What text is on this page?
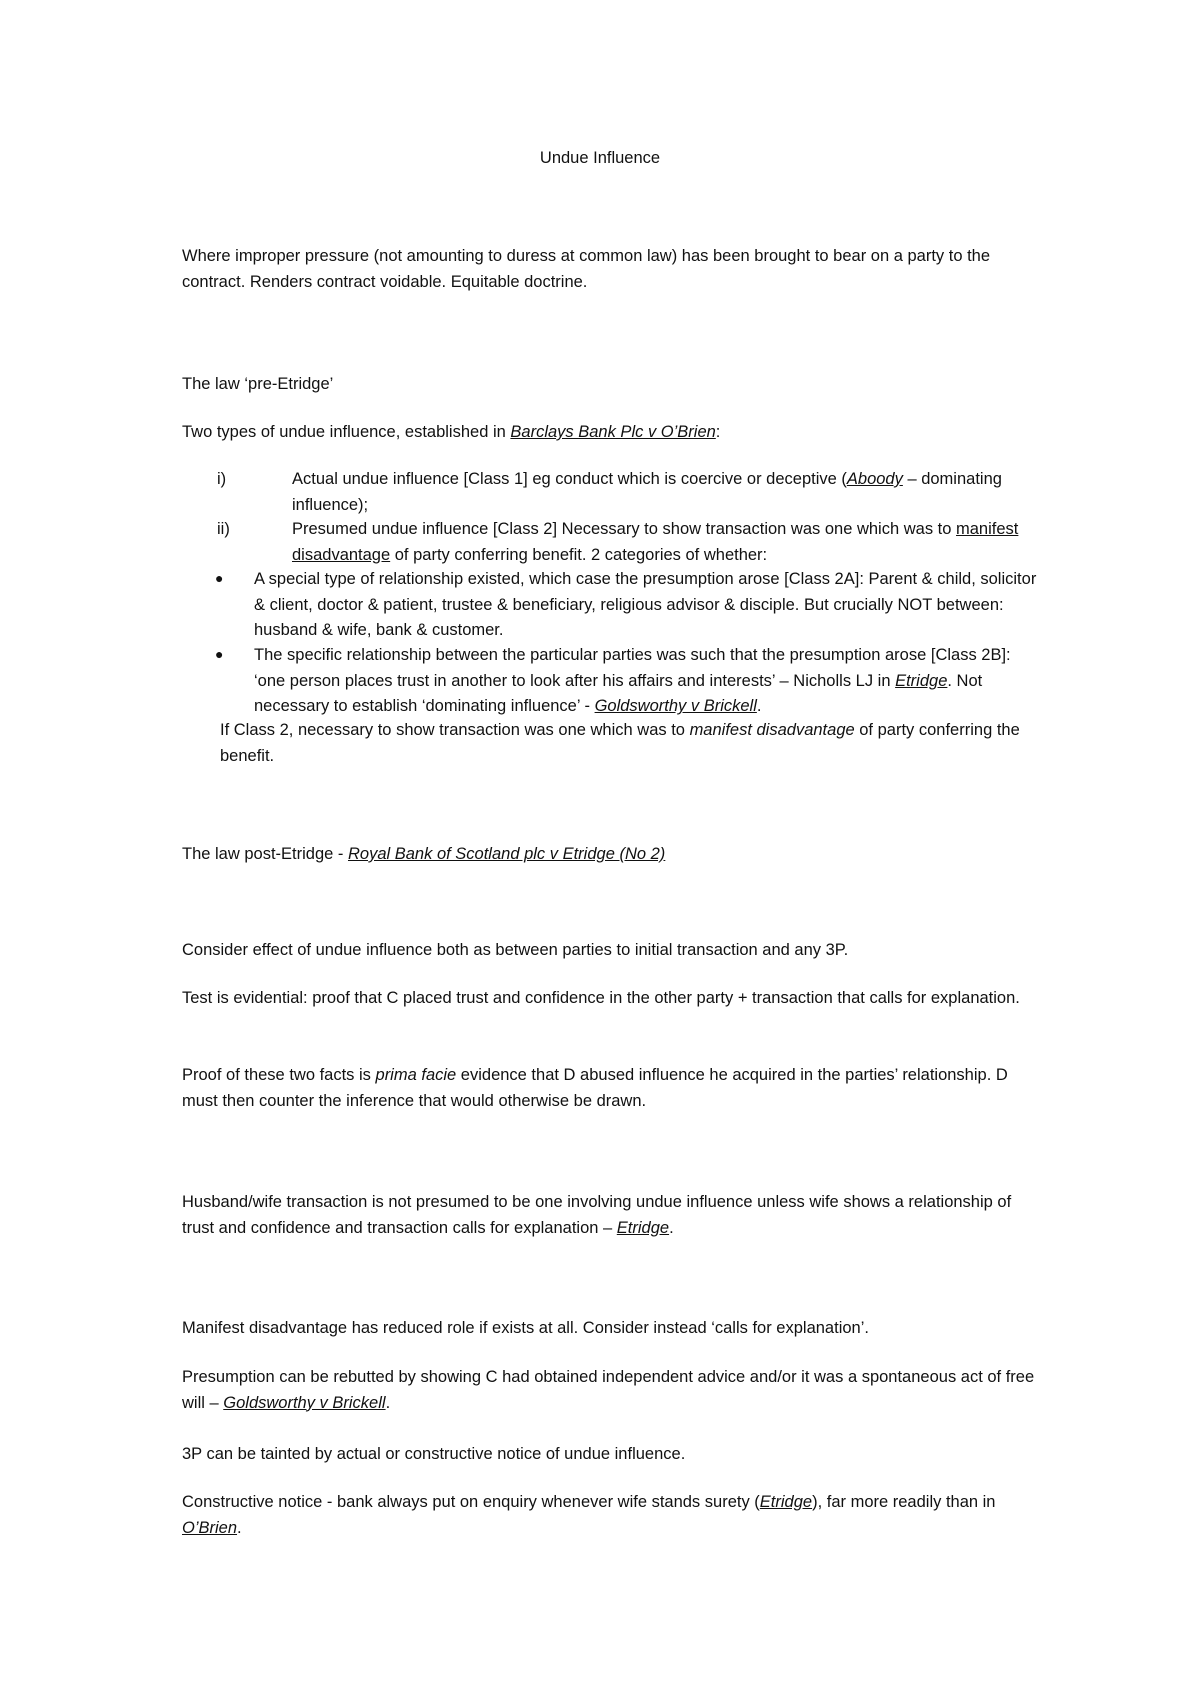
Undue Influence

Where improper pressure (not amounting to duress at common law) has been brought to bear on a party to the contract. Renders contract voidable. Equitable doctrine.

The law ‘pre-Etridge’

Two types of undue influence, established in Barclays Bank Plc v O’Brien:

i)	Actual undue influence [Class 1] eg conduct which is coercive or deceptive (Aboody – dominating influence);

ii)	Presumed undue influence [Class 2] Necessary to show transaction was one which was to manifest disadvantage of party conferring benefit. 2 categories of whether:

● A special type of relationship existed, which case the presumption arose [Class 2A]: Parent & child, solicitor & client, doctor & patient, trustee & beneficiary, religious advisor & disciple. But crucially NOT between: husband & wife, bank & customer.

● The specific relationship between the particular parties was such that the presumption arose [Class 2B]: ‘one person places trust in another to look after his affairs and interests’ – Nicholls LJ in Etridge. Not necessary to establish ‘dominating influence’ - Goldsworthy v Brickell.

If Class 2, necessary to show transaction was one which was to manifest disadvantage of party conferring the benefit.

The law post-Etridge - Royal Bank of Scotland plc v Etridge (No 2)

Consider effect of undue influence both as between parties to initial transaction and any 3P.

Test is evidential: proof that C placed trust and confidence in the other party + transaction that calls for explanation.

Proof of these two facts is prima facie evidence that D abused influence he acquired in the parties’ relationship. D must then counter the inference that would otherwise be drawn.

Husband/wife transaction is not presumed to be one involving undue influence unless wife shows a relationship of trust and confidence and transaction calls for explanation – Etridge.

Manifest disadvantage has reduced role if exists at all. Consider instead ‘calls for explanation’.

Presumption can be rebutted by showing C had obtained independent advice and/or it was a spontaneous act of free will – Goldsworthy v Brickell.

3P can be tainted by actual or constructive notice of undue influence.

Constructive notice - bank always put on enquiry whenever wife stands surety (Etridge), far more readily than in O’Brien.
